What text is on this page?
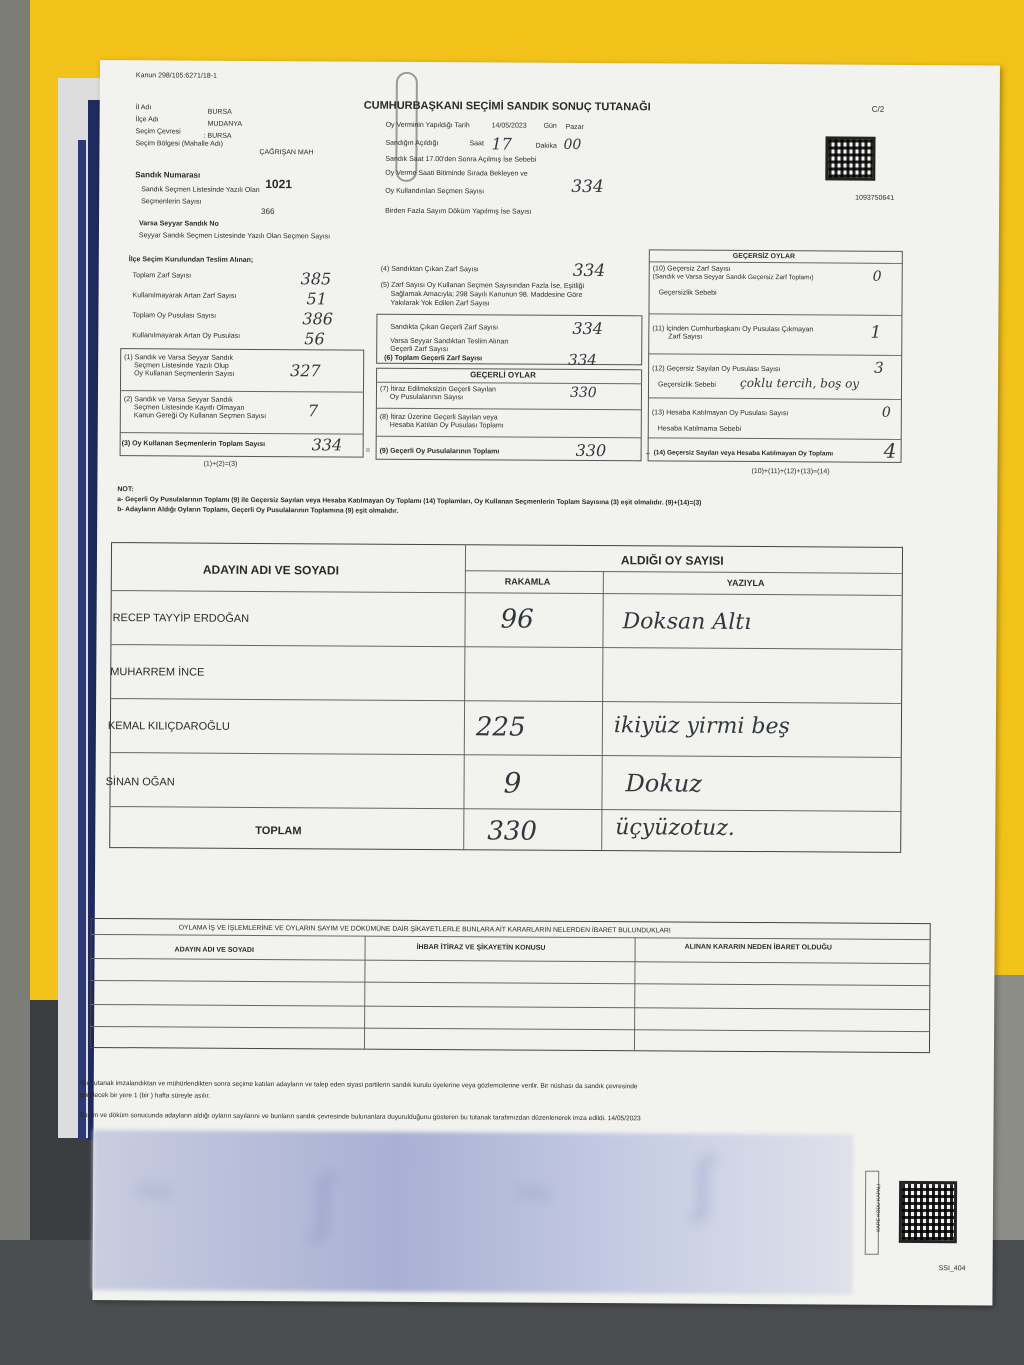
Kanun 298/105:6271/18-1
CUMHURBAŞKANI SEÇİMİ SANDIK SONUÇ TUTANAĞI	C/2
1093750641
İl Adı
BURSA
İlçe Adı
MUDANYA
Seçim Çevresi
: BURSA
Seçim Bölgesi (Mahalle Adı)
ÇAĞRIŞAN MAH
Oy Verminin Yapıldığı Tarih	14/05/2023 Gün Pazar
Sandığın Açıldığı	Saat 17	Dakika 00
Sandık Saat 17.00'den Sonra Açılmış İse Sebebi
Oy Verme Saati Bitiminde Sırada Bekleyen ve
Oy Kullandırılan Seçmen Sayısı	334
Birden Fazla Sayım Döküm Yapılmış İse Sayısı
Sandık Numarası
1021
Sandık Seçmen Listesinde Yazılı Olan
Seçmenlerin Sayısı
366
Varsa Seyyar Sandık No
Seyyar Sandık Seçmen Listesinde Yazılı Olan Seçmen Sayısı
İlçe Seçim Kurulundan Teslim Alınan;
Toplam Zarf Sayısı	385
Kullanılmayarak Artan Zarf Sayısı	51
Toplam Oy Pusulası Sayısı	386
Kullanılmayarak Artan Oy Pusulası	56
(1) Sandık ve Varsa Seyyar Sandık
Seçmen Listesinde Yazılı Olup
Oy Kullanan Seçmenlerin Sayısı	327
(2) Sandık ve Varsa Seyyar Sandık
Seçmen Listesinde Kayıtlı Olmayan
Kanun Gereği Oy Kullanan Seçmen Sayısı	7
(3) Oy Kullanan Seçmenlerin Toplam Sayısı	334
(1)+(2)=(3)
=
(4) Sandıktan Çıkan Zarf Sayısı	334
(5) Zarf Sayısı Oy Kullanan Seçmen Sayısından Fazla İse, Eşitliği
Sağlamak Amacıyla; 298 Sayılı Kanunun 98. Maddesine Göre
Yakılarak Yok Edilen Zarf Sayısı
Sandıkta Çıkan Geçerli Zarf Sayısı	334
Varsa Seyyar Sandıktan Teslim Alınan
Geçerli Zarf Sayısı
(6) Toplam Geçerli Zarf Sayısı	334
GEÇERLİ OYLAR
(7) İtiraz Edilmeksizin Geçerli Sayılan
Oy Pusulalarının Sayısı	330
(8) İtiraz Üzerine Geçerli Sayılan veya
Hesaba Katılan Oy Pusulası Toplamı
(9) Geçerli Oy Pusulalarının Toplamı	330	+
GEÇERSİZ OYLAR
(10) Geçersiz Zarf Sayısı
(Sandık ve Varsa Seyyar Sandık Geçersiz Zarf Toplamı)	0
Geçersizlik Sebebi
(11) İçinden Cumhurbaşkanı Oy Pusulası Çıkmayan
Zarf Sayısı	1
(12) Geçersiz Sayılan Oy Pusulası Sayısı	3
Geçersizlik Sebebi çoklu tercih, boş oy
(13) Hesaba Katılmayan Oy Pusulası Sayısı	0
Hesaba Katılmama Sebebi
(14) Geçersiz Sayılan veya Hesaba Katılmayan Oy Toplamı	4
(10)+(11)+(12)+(13)=(14)
NOT:
a- Geçerli Oy Pusulalarının Toplamı (9) ile Geçersiz Sayılan veya Hesaba Katılmayan Oy Toplamı (14) Toplamları, Oy Kullanan Seçmenlerin Toplam Sayısına (3) eşit olmalıdır. (9)+(14)=(3)
b- Adayların Aldığı Oyların Toplamı, Geçerli Oy Pusulalarının Toplamına (9) eşit olmalıdır.
ADAYIN ADI VE SOYADI
ALDIĞI OY SAYISI
RAKAMLA	YAZIYLA
RECEP TAYYİP ERDOĞAN	96	Doksan Altı
MUHARREM İNCE
KEMAL KILIÇDAROĞLU	225	ikiyüz yirmi beş
SİNAN OĞAN	9	Dokuz
TOPLAM	330	üçyüzotuz.
OYLAMA İŞ VE İŞLEMLERİNE VE OYLARIN SAYIM VE DÖKÜMÜNE DAİR ŞİKAYETLERLE BUNLARA AİT KARARLARIN NELERDEN İBARET BULUNDUKLARI
ADAYIN ADI VE SOYADI	İHBAR İTİRAZ VE ŞİKAYETİN KONUSU	ALINAN KARARIN NEDEN İBARET OLDUĞU
*Bu tutanak imzalandıktan ve mühürlendikten sonra seçime katılan adayların ve talep eden siyasi partilerin sandık kurulu üyelerine veya gözlemcilerine verilir. Bir nüshası da sandık çevresinde
görülecek bir yere 1 (bir ) hafta süreyle asılır.
Sayım ve döküm sonucunda adayların aldığı oyların sayılarını ve bunların sandık çevresinde bulunanlara duyurulduğunu gösteren bu tutanak tarafımızdan düzenlenerek imza edildi. 14/05/2023
~ ∫	~ ∫	KARE KODU KAPALI
SSI_404
